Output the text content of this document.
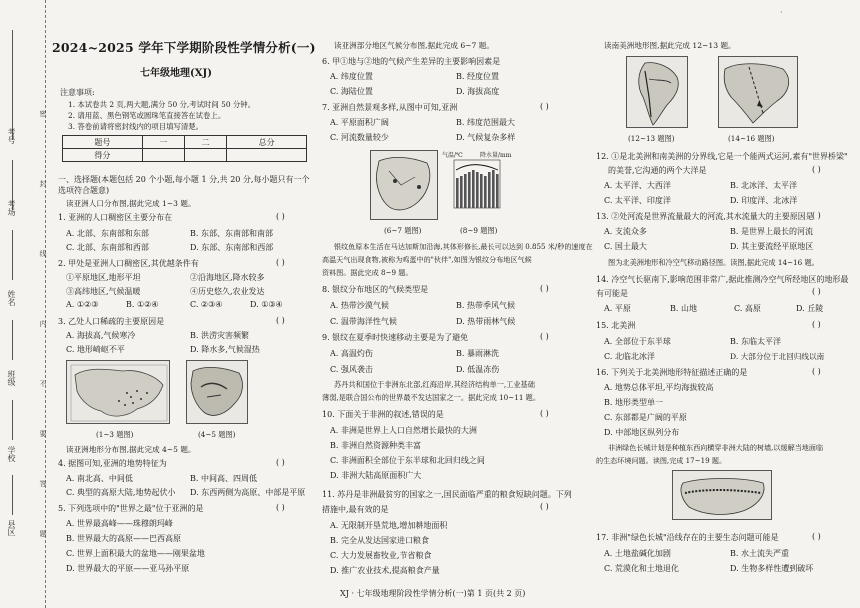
考号
考场
姓名
班级
学校
县区
密
封
线
内
不
要
答
题
2024~2025 学年下学期阶段性学情分析(一)
七年级地理(XJ)
注意事项:
1. 本试卷共 2 页,两大题,满分 50 分,考试时间 50 分钟。
2. 请用蓝、黑色钢笔或圆珠笔直接答在试卷上。
3. 答卷前请将密封线内的项目填写清楚。
题号	一	二	总分
得分			
一、选择题(本题包括 20 个小题,每小题 1 分,共 20 分,每小题只有一个选项符合题意)
读亚洲人口分布图,据此完成 1~3 题。
1. 亚洲的人口稠密区主要分布在	( )
A. 北部、东南部和东部	B. 东部、东南部和南部
C. 北部、东南部和西部	D. 东部、东南部和西部
2. 甲处是亚洲人口稠密区,其优越条件有	( )
①平原地区,地形平坦	②沿海地区,降水较多
③高纬地区,气候温暖	④历史悠久,农业发达
A. ①②③	B. ①②④	C. ②③④	D. ①③④
3. 乙处人口稀疏的主要原因是	( )
A. 海拔高,气候寒冷	B. 洪涝灾害频繁
C. 地形崎岖不平	D. 降水多,气候湿热
(1~3 题图)	(4~5 题图)
读亚洲地形分布图,据此完成 4~5 题。
4. 据图可知,亚洲的地势特征为	( )
A. 南北高、中间低	B. 中间高、四周低
C. 典型的高原大陆,地势起伏小 D. 东西两侧为高原、中部是平原
5. 下列选项中的"世界之最"位于亚洲的是	( )
A. 世界最高峰——珠穆朗玛峰
B. 世界最大的高原——巴西高原
C. 世界上面积最大的盆地——刚果盆地
D. 世界最大的平原——亚马孙平原
读亚洲部分地区气候分布图,据此完成 6~7 题。
6. 甲①地与②地的气候产生差异的主要影响因素是
A. 纬度位置	B. 经度位置
C. 海陆位置	D. 海拔高度
7. 亚洲自然景观多样,从图中可知,亚洲	( )
A. 平原面积广阔	B. 纬度范围最大
C. 河流数量较少	D. 气候复杂多样
气温/℃	降水量/mm
(6~7 题图)	(8~9 题图)
银纹鱼原本生活在马达加斯加沿海,其体形修长,最长可以达到 0.855 米/秒的速度在
高温天气出现食物,被称为鸡蛋中的"伙伴",如图为银纹分布地区气候
资料图。据此完成 8~9 题。
8. 银纹分布地区的气候类型是	( )
A. 热带沙漠气候	B. 热带季风气候
C. 温带海洋性气候	D. 热带雨林气候
9. 银纹在夏季时快速移动主要是为了避免	( )
A. 高温灼伤	B. 暴雨淋洗
C. 强风袭击	D. 低温冻伤
苏丹共和国位于非洲东北部,红海沿岸,其经济结构单一,工业基础
薄弱,是联合国公布的世界最不发达国家之一。据此完成 10~11 题。
10. 下面关于非洲的叙述,错误的是	( )
A. 非洲是世界上人口自然增长最快的大洲
B. 非洲自然资源种类丰富
C. 非洲面积全部位于东半球和北回归线之间
D. 非洲大陆高原面积广大
11. 苏丹是非洲最贫穷的国家之一,国民面临严重的粮食短缺问题。下列措施中,最有效的是	( )
A. 无限制开垦荒地,增加耕地面积
B. 完全从发达国家进口粮食
C. 大力发展畜牧业,节省粮食
D. 推广农业技术,提高粮食产量
读南美洲地形图,据此完成 12~13 题。
(12~13 题图)	(14~16 题图)
12. ①是北美洲和南美洲的分界线,它是一个能两式运河,素有"世界桥梁"
的美誉,它沟通的两个大洋是	( )
A. 太平洋、大西洋	B. 北冰洋、太平洋
C. 太平洋、印度洋	D. 印度洋、北冰洋
13. ②处河流是世界流量最大的河流,其水流量大的主要原因是
( )
A. 支流众多	B. 是世界上最长的河流
C. 国土最大	D. 其主要流经平原地区
图为北美洲地形和冷空气移动路径图。读图,据此完成 14~16 题。
14. 冷空气长驱南下,影响范围非常广,据此推测冷空气所经地区的地形最有可能是	( )
A. 平原	B. 山地	C. 高原	D. 丘陵
15. 北美洲	( )
A. 全部位于东半球	B. 东临太平洋
C. 北临北冰洋	D. 大部分位于北回归线以南
16. 下列关于北美洲地形特征描述正确的是	( )
A. 地势总体平坦,平均海拔较高
B. 地形类型单一
C. 东部都是广阔的平原
D. 中部地区纵列分布
非洲绿色长城计划是种植东西向横穿非洲大陆的树墙,以缓解当地面临
的生态环境问题。读图,完成 17~19 题。
17. 非洲"绿色长城"沿线存在的主要生态问题可能是	( )
A. 土地盐碱化加剧	B. 水土流失严重
C. 荒漠化和土地退化	D. 生物多样性遭到破坏
XJ · 七年级地理阶段性学情分析(一)第 1 页(共 2 页)
·
